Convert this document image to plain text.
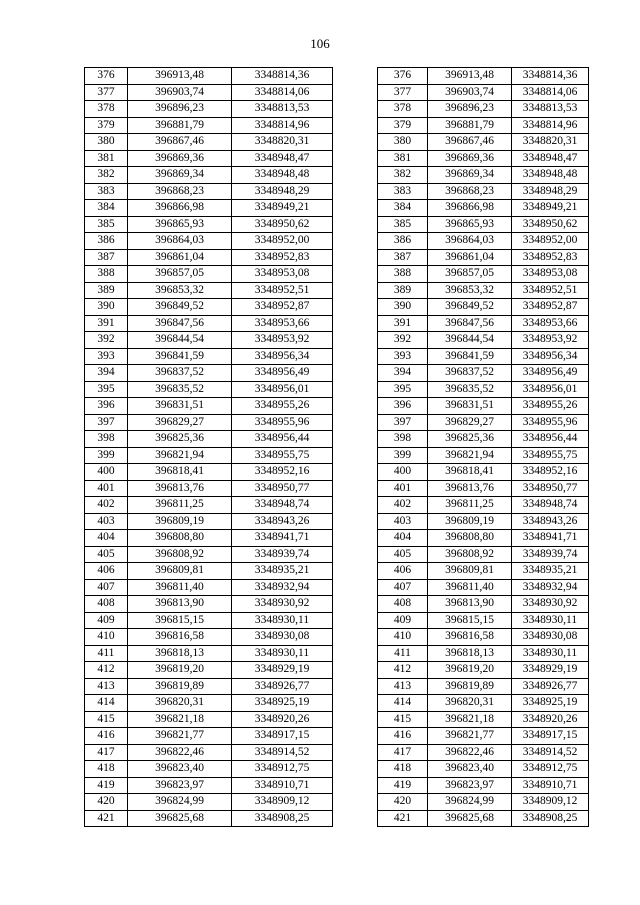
106
376	396913,48	3348814,36
377	396903,74	3348814,06
378	396896,23	3348813,53
379	396881,79	3348814,96
380	396867,46	3348820,31
381	396869,36	3348948,47
382	396869,34	3348948,48
383	396868,23	3348948,29
384	396866,98	3348949,21
385	396865,93	3348950,62
386	396864,03	3348952,00
387	396861,04	3348952,83
388	396857,05	3348953,08
389	396853,32	3348952,51
390	396849,52	3348952,87
391	396847,56	3348953,66
392	396844,54	3348953,92
393	396841,59	3348956,34
394	396837,52	3348956,49
395	396835,52	3348956,01
396	396831,51	3348955,26
397	396829,27	3348955,96
398	396825,36	3348956,44
399	396821,94	3348955,75
400	396818,41	3348952,16
401	396813,76	3348950,77
402	396811,25	3348948,74
403	396809,19	3348943,26
404	396808,80	3348941,71
405	396808,92	3348939,74
406	396809,81	3348935,21
407	396811,40	3348932,94
408	396813,90	3348930,92
409	396815,15	3348930,11
410	396816,58	3348930,08
411	396818,13	3348930,11
412	396819,20	3348929,19
413	396819,89	3348926,77
414	396820,31	3348925,19
415	396821,18	3348920,26
416	396821,77	3348917,15
417	396822,46	3348914,52
418	396823,40	3348912,75
419	396823,97	3348910,71
420	396824,99	3348909,12
421	396825,68	3348908,25
376	396913,48	3348814,36
377	396903,74	3348814,06
378	396896,23	3348813,53
379	396881,79	3348814,96
380	396867,46	3348820,31
381	396869,36	3348948,47
382	396869,34	3348948,48
383	396868,23	3348948,29
384	396866,98	3348949,21
385	396865,93	3348950,62
386	396864,03	3348952,00
387	396861,04	3348952,83
388	396857,05	3348953,08
389	396853,32	3348952,51
390	396849,52	3348952,87
391	396847,56	3348953,66
392	396844,54	3348953,92
393	396841,59	3348956,34
394	396837,52	3348956,49
395	396835,52	3348956,01
396	396831,51	3348955,26
397	396829,27	3348955,96
398	396825,36	3348956,44
399	396821,94	3348955,75
400	396818,41	3348952,16
401	396813,76	3348950,77
402	396811,25	3348948,74
403	396809,19	3348943,26
404	396808,80	3348941,71
405	396808,92	3348939,74
406	396809,81	3348935,21
407	396811,40	3348932,94
408	396813,90	3348930,92
409	396815,15	3348930,11
410	396816,58	3348930,08
411	396818,13	3348930,11
412	396819,20	3348929,19
413	396819,89	3348926,77
414	396820,31	3348925,19
415	396821,18	3348920,26
416	396821,77	3348917,15
417	396822,46	3348914,52
418	396823,40	3348912,75
419	396823,97	3348910,71
420	396824,99	3348909,12
421	396825,68	3348908,25
